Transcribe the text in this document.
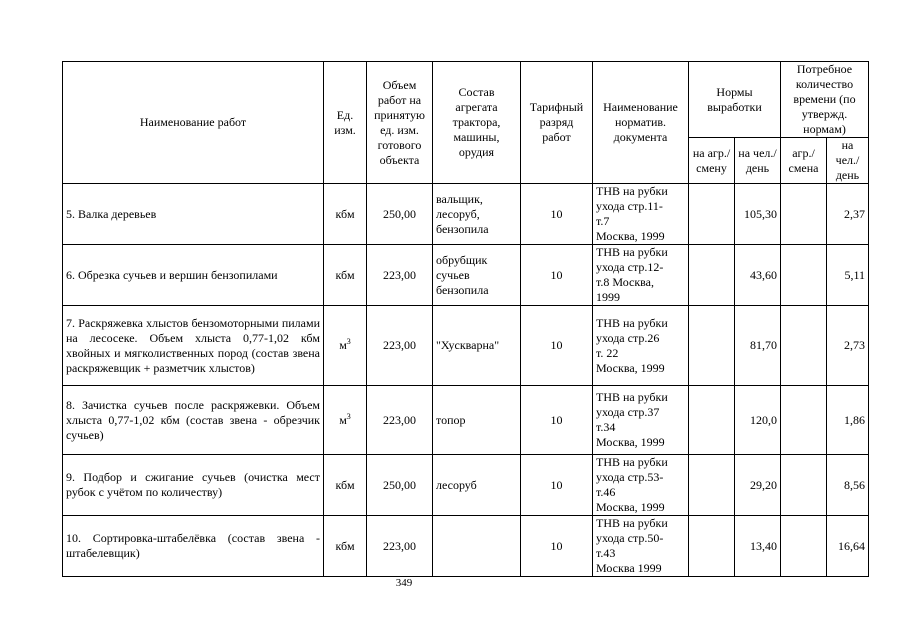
Наименование работ	Ед. изм.	Объем работ на принятую ед. изм. готового объекта	Состав агрегата трактора, машины, орудия	Тарифный разряд работ	Наименование норматив. документа	Нормы выработки		Потребное количество времени (по утвержд. нормам)	
						на агр./ смену	на чел./ день	агр./ смена	на чел./ день
5. Валка деревьев	кбм	250,00	вальщик,
лесоруб,
бензопила	10	ТНВ на рубки
ухода стр.11-
т.7
Москва, 1999		105,30		2,37
6. Обрезка сучьев и вершин бензопилами	кбм	223,00	обрубщик
сучьев
бензопила	10	ТНВ на рубки
ухода стр.12-
т.8 Москва,
1999		43,60		5,11
7. Раскряжевка хлыстов бензомоторными пилами на лесосеке. Объем хлыста 0,77-1,02 кбм хвойных и мягколиственных пород (состав звена раскряжевщик + разметчик хлыстов)	$м^3$	223,00	"Хускварна"	10	ТНВ на рубки
ухода стр.26
т. 22
Москва, 1999		81,70		2,73
8. Зачистка сучьев после раскряжевки. Объем хлыста 0,77-1,02 кбм (состав звена - обрезчик сучьев)	$м^3$	223,00	топор	10	ТНВ на рубки
ухода стр.37
т.34
Москва, 1999		120,0		1,86
9. Подбор и сжигание сучьев (очистка мест рубок с учётом по количеству)	кбм	250,00	лесоруб	10	ТНВ на рубки
ухода стр.53-
т.46
Москва, 1999		29,20		8,56
10. Сортировка-штабелёвка (состав звена - штабелевщик)	кбм	223,00		10	ТНВ на рубки
ухода стр.50-
т.43
Москва 1999		13,40		16,64
349
